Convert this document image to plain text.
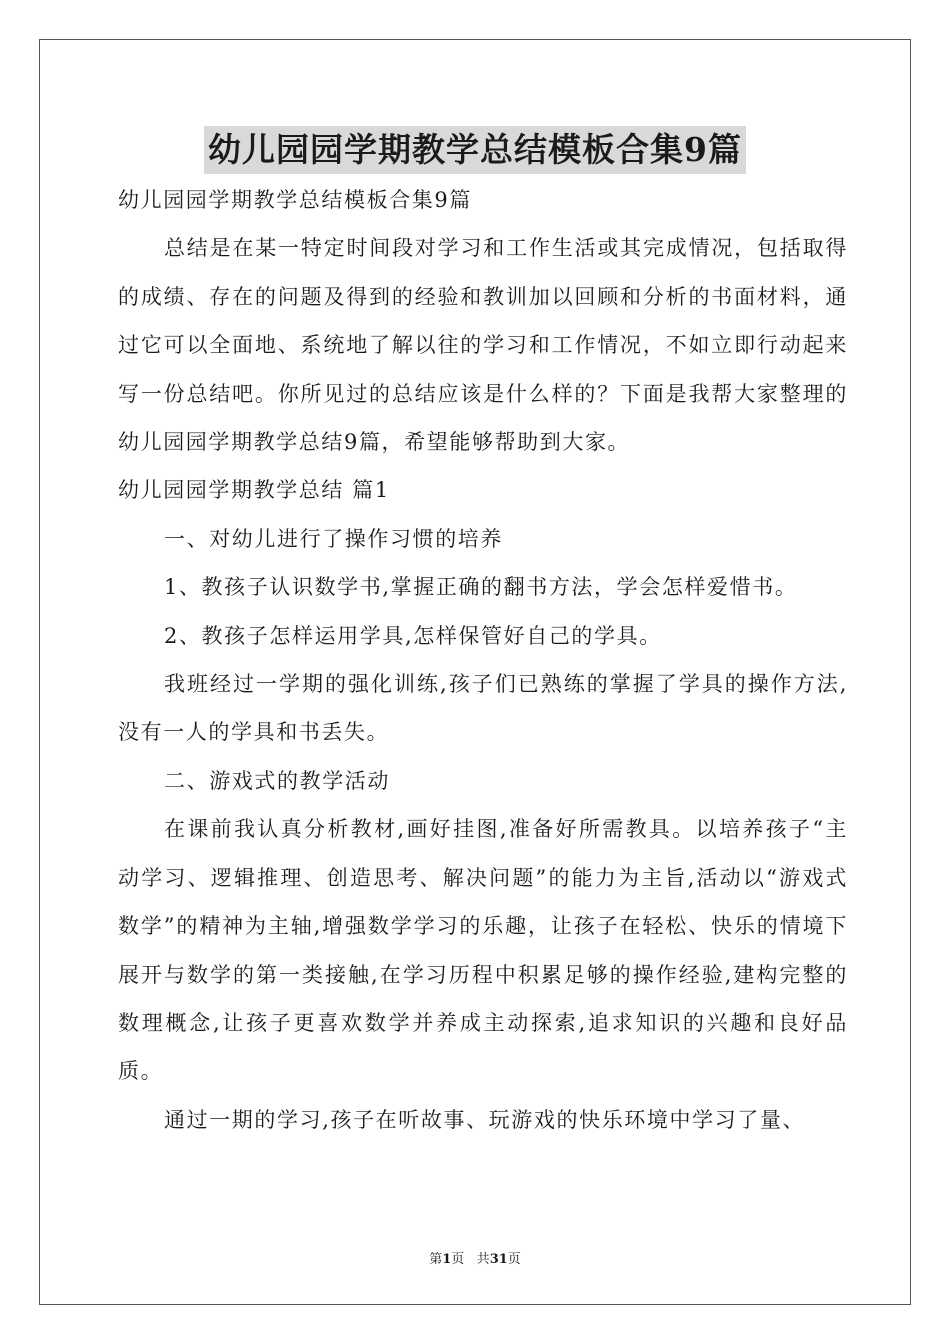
幼儿园园学期教学总结模板合集9篇

幼儿园园学期教学总结模板合集9篇

总结是在某一特定时间段对学习和工作生活或其完成情况，包括取得的成绩、存在的问题及得到的经验和教训加以回顾和分析的书面材料，通过它可以全面地、系统地了解以往的学习和工作情况，不如立即行动起来写一份总结吧。你所见过的总结应该是什么样的？下面是我帮大家整理的幼儿园园学期教学总结9篇，希望能够帮助到大家。

幼儿园园学期教学总结 篇1

一、对幼儿进行了操作习惯的培养

1、教孩子认识数学书,掌握正确的翻书方法，学会怎样爱惜书。

2、教孩子怎样运用学具,怎样保管好自己的学具。

我班经过一学期的强化训练,孩子们已熟练的掌握了学具的操作方法,没有一人的学具和书丢失。

二、游戏式的教学活动

在课前我认真分析教材,画好挂图,准备好所需教具。以培养孩子“主动学习、逻辑推理、创造思考、解决问题”的能力为主旨,活动以“游戏式数学”的精神为主轴,增强数学学习的乐趣，让孩子在轻松、快乐的情境下展开与数学的第一类接触,在学习历程中积累足够的操作经验,建构完整的数理概念,让孩子更喜欢数学并养成主动探索,追求知识的兴趣和良好品质。

通过一期的学习,孩子在听故事、玩游戏的快乐环境中学习了量、

第1页 共31页
